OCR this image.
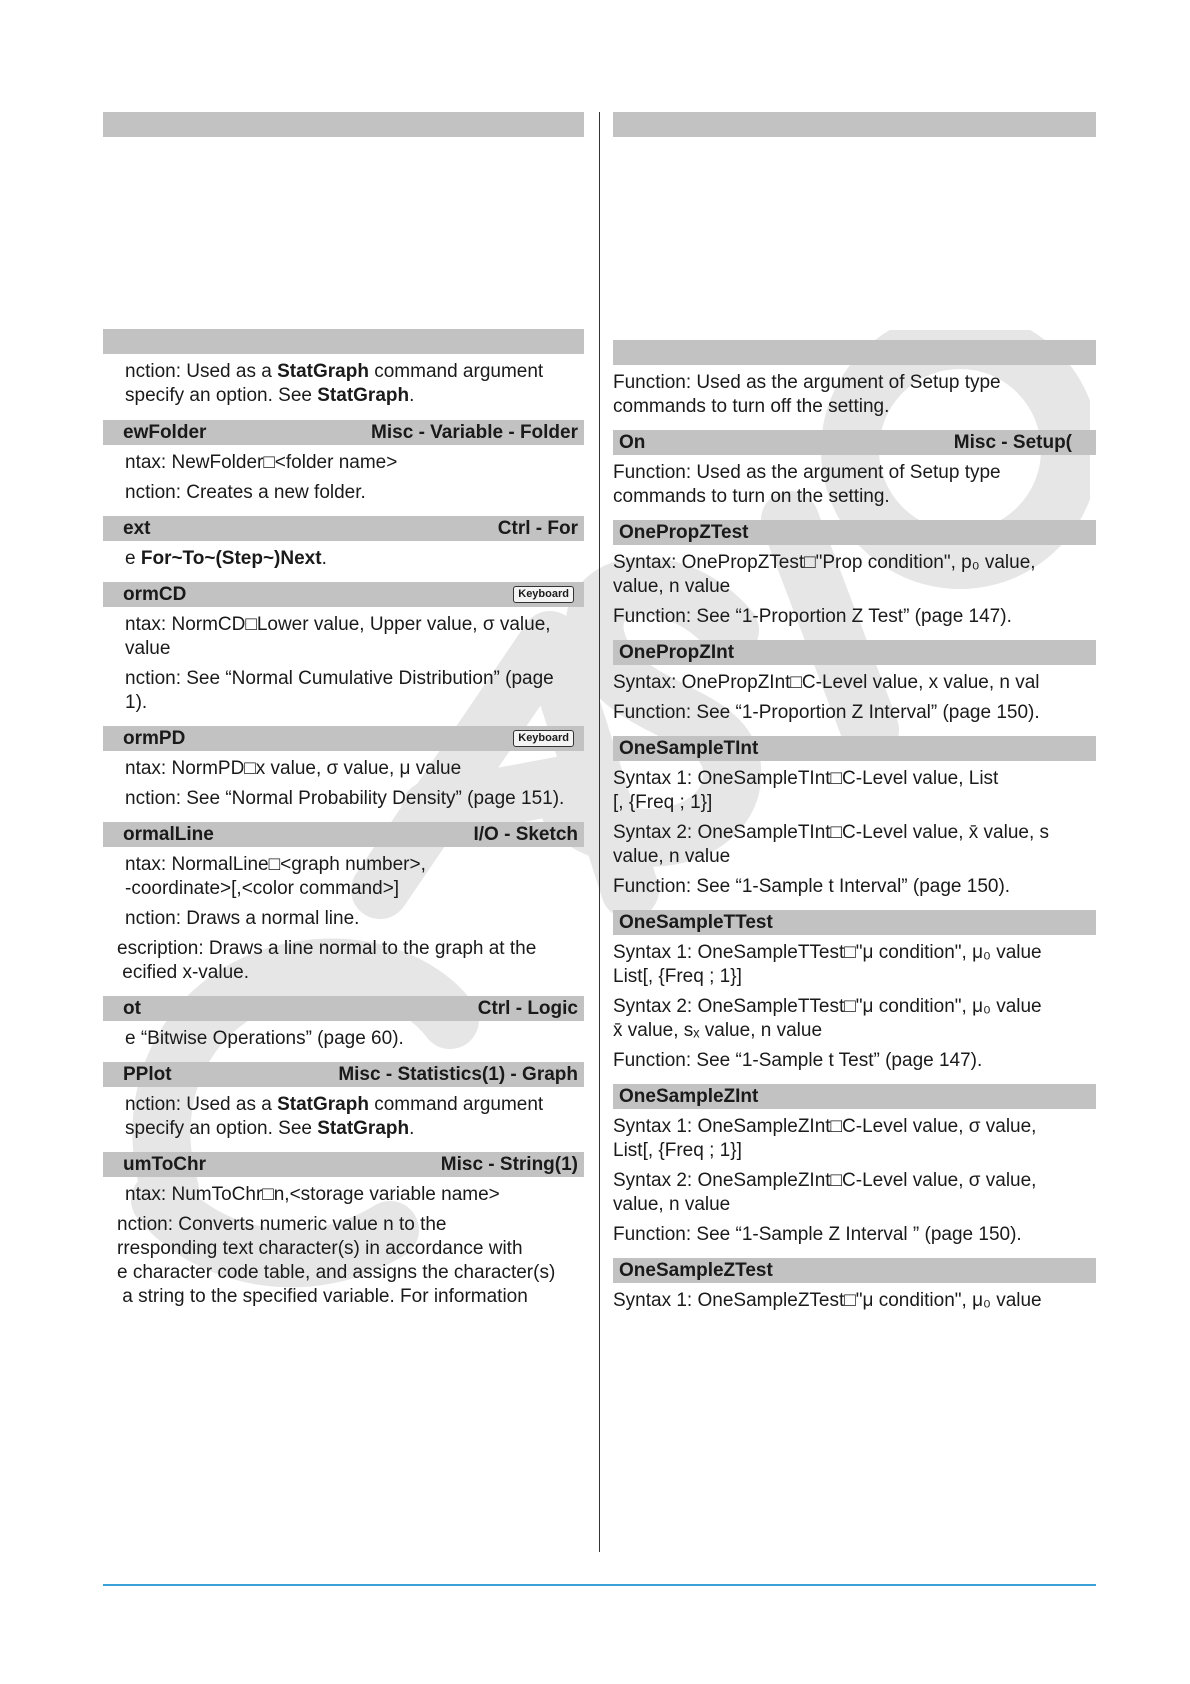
nction: Used as a StatGraph command argument
specify an option. See StatGraph.

ewFolder	Misc - Variable - Folder

ntax: NewFolder□<folder name>

nction: Creates a new folder.

ext	Ctrl - For

e For~To~(Step~)Next.

ormCD	Keyboard

ntax: NormCD□Lower value, Upper value, σ value,
value

nction: See “Normal Cumulative Distribution” (page
1).

ormPD	Keyboard

ntax: NormPD□x value, σ value, μ value

nction: See “Normal Probability Density” (page 151).

ormalLine	I/O - Sketch

ntax: NormalLine□<graph number>,
-coordinate>[,<color command>]

nction: Draws a normal line.

escription: Draws a line normal to the graph at the
ecified x-value.

ot	Ctrl - Logic

e “Bitwise Operations” (page 60).

PPlot	Misc - Statistics(1) - Graph

nction: Used as a StatGraph command argument
specify an option. See StatGraph.

umToChr	Misc - String(1)

ntax: NumToChr□n,<storage variable name>

nction: Converts numeric value n to the
rresponding text character(s) in accordance with
e character code table, and assigns the character(s)
a string to the specified variable. For information

Function: Used as the argument of Setup type
commands to turn off the setting.

On	Misc - Setup(

Function: Used as the argument of Setup type
commands to turn on the setting.

OnePropZTest

Syntax: OnePropZTest□"Prop condition", p₀ value,
value, n value

Function: See “1-Proportion Z Test” (page 147).

OnePropZInt

Syntax: OnePropZInt□C-Level value, x value, n val

Function: See “1-Proportion Z Interval” (page 150).

OneSampleTInt

Syntax 1: OneSampleTInt□C-Level value, List
[, {Freq ; 1}]

Syntax 2: OneSampleTInt□C-Level value, x̄ value, s
value, n value

Function: See “1-Sample t Interval” (page 150).

OneSampleTTest

Syntax 1: OneSampleTTest□"μ condition", μ₀ value
List[, {Freq ; 1}]

Syntax 2: OneSampleTTest□"μ condition", μ₀ value
x̄ value, sₓ value, n value

Function: See “1-Sample t Test” (page 147).

OneSampleZInt

Syntax 1: OneSampleZInt□C-Level value, σ value,
List[, {Freq ; 1}]

Syntax 2: OneSampleZInt□C-Level value, σ value,
value, n value

Function: See “1-Sample Z Interval ” (page 150).

OneSampleZTest

Syntax 1: OneSampleZTest□"μ condition", μ₀ value
